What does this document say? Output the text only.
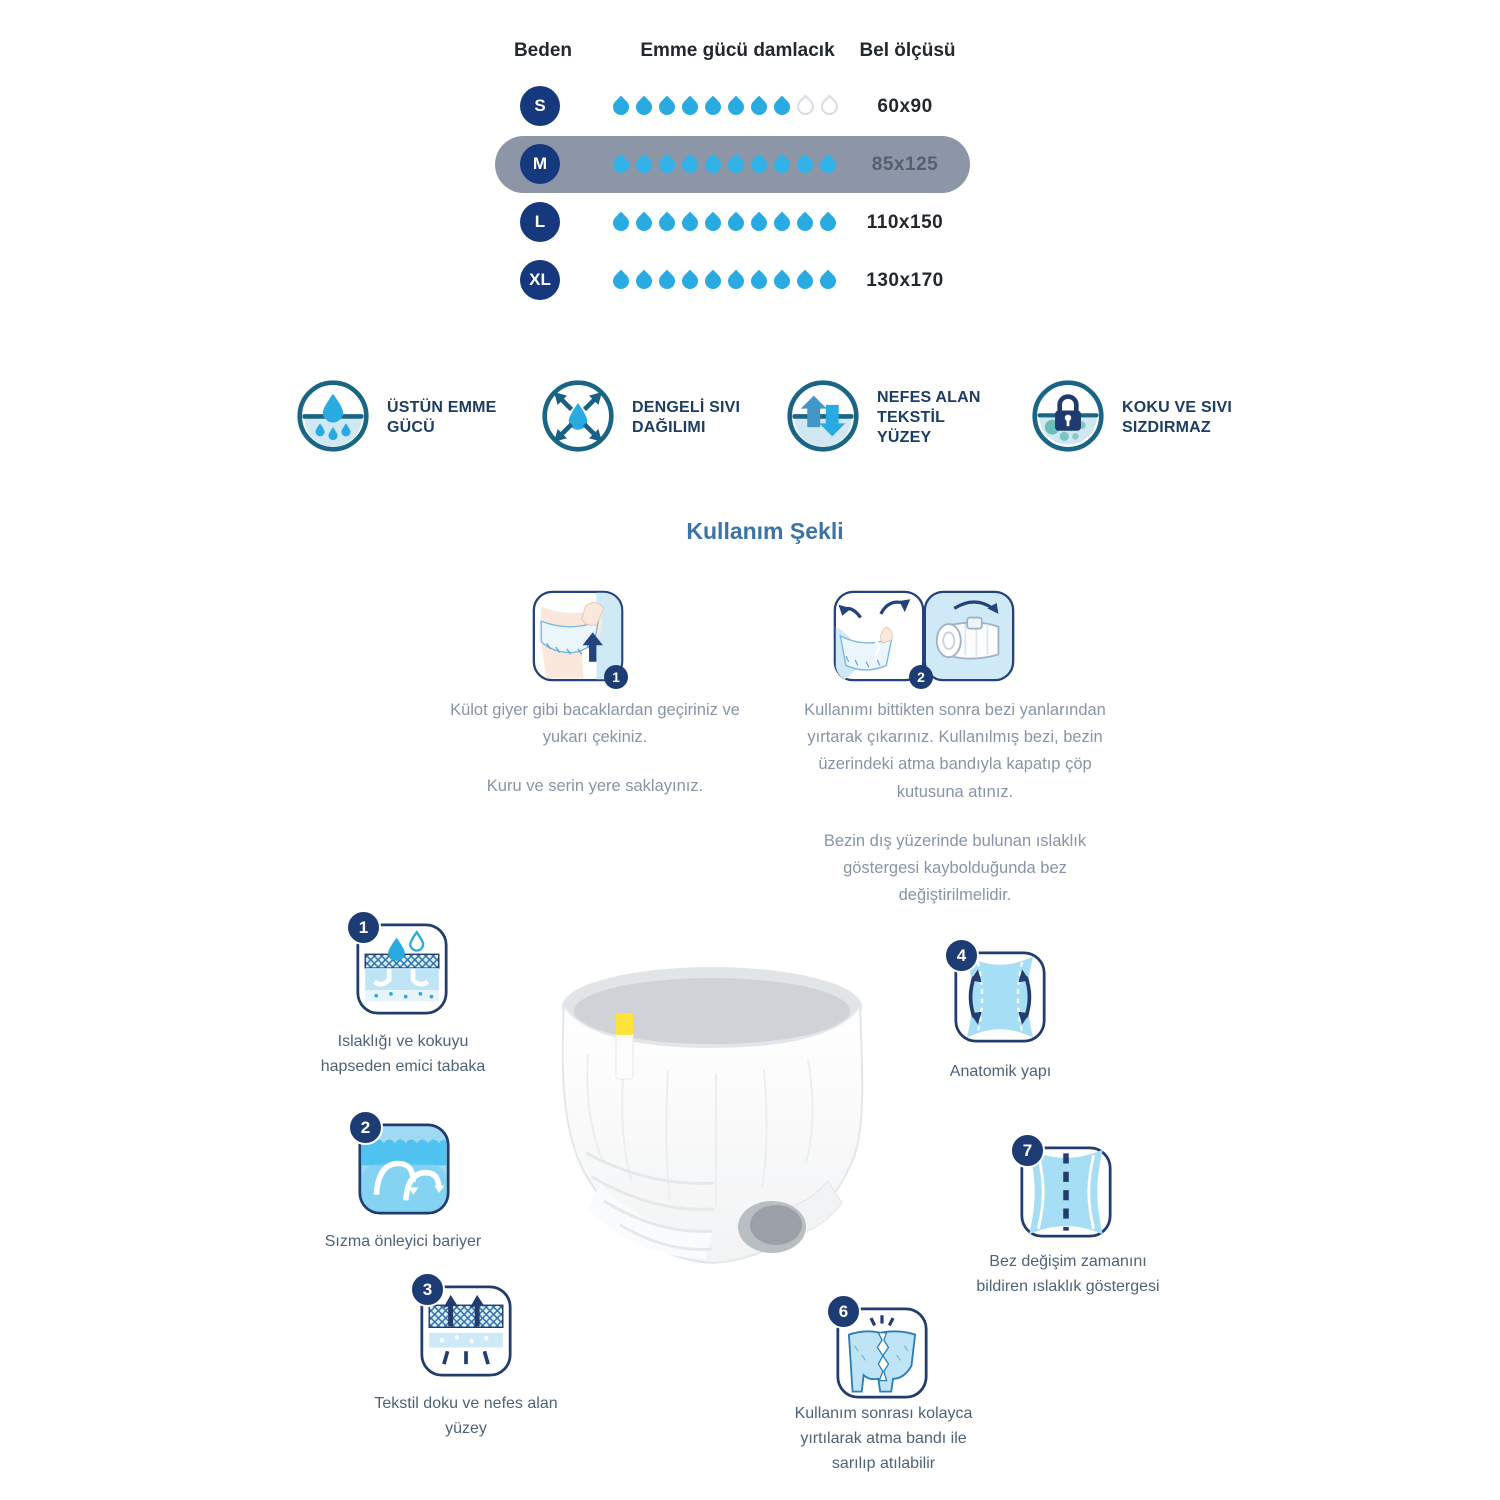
Beden	Emme gücü damlacık	Bel ölçüsü
S	60x90
M	85x125
L	110x150
XL	130x170
ÜSTÜN EMME GÜCÜ
DENGELİ SIVI DAĞILIMI
NEFES ALAN TEKSTİL YÜZEY
KOKU VE SIVI SIZDIRMAZ
Kullanım Şekli
1	2

Külot giyer gibi bacaklardan geçiriniz ve yukarı çekiniz.

Kuru ve serin yere saklayınız.

Kullanımı bittikten sonra bezi yanlarından yırtarak çıkarınız. Kullanılmış bezi, bezin üzerindeki atma bandıyla kapatıp çöp kutusuna atınız.

Bezin dış yüzerinde bulunan ıslaklık göstergesi kaybolduğunda bez değiştirilmelidir.

1
Islaklığı ve kokuyu hapseden emici tabaka
2
Sızma önleyici bariyer
3
Tekstil doku ve nefes alan yüzey
4
Anatomik yapı
7
Bez değişim zamanını bildiren ıslaklık göstergesi
6
Kullanım sonrası kolayca yırtılarak atma bandı ile sarılıp atılabilir
